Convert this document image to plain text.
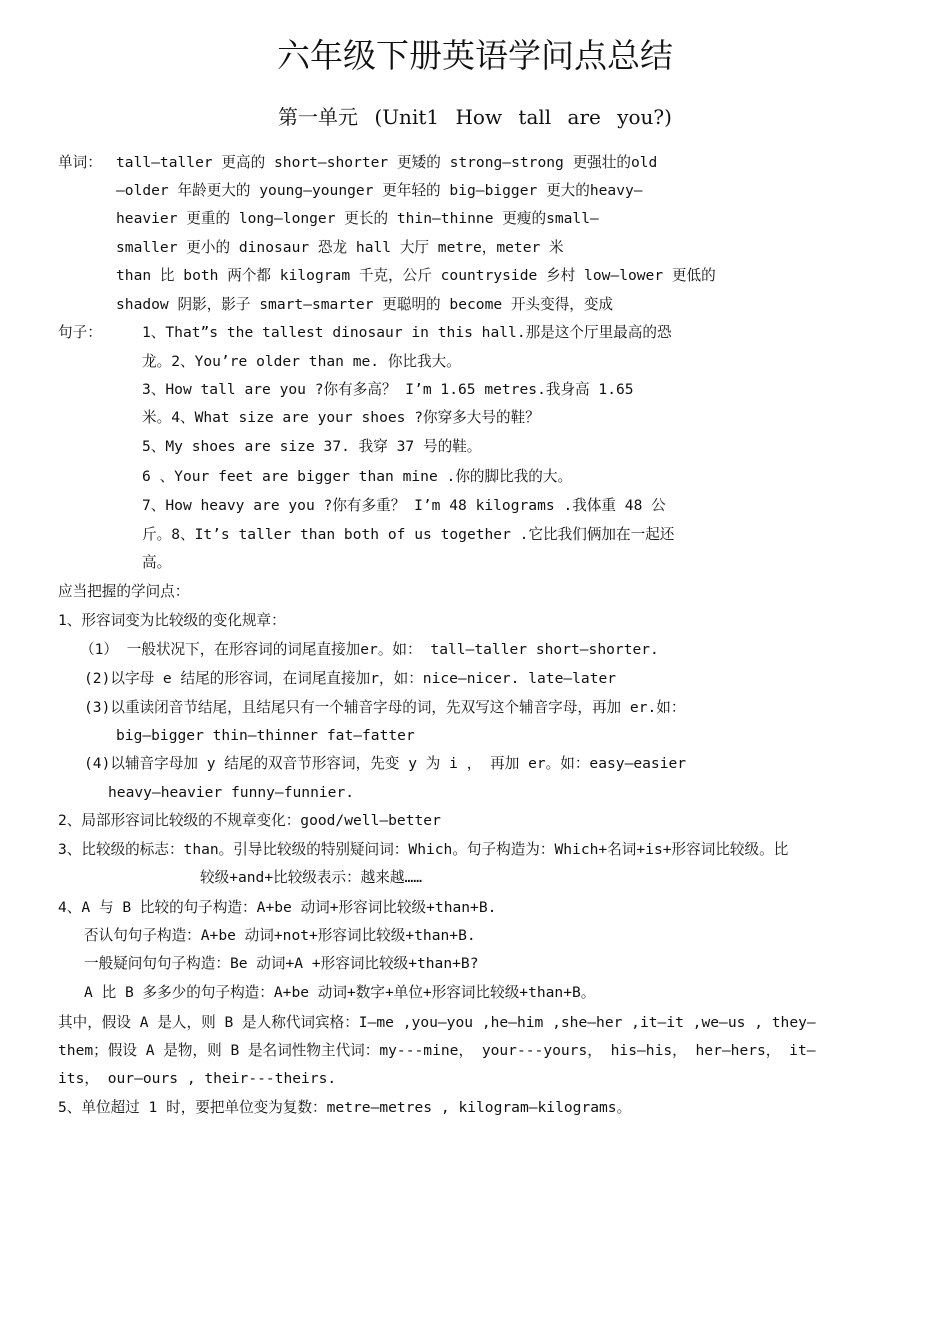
六年级下册英语学问点总结
第一单元 (Unit1 How tall are you?)
单词： tall—taller 更高的 short—shorter 更矮的 strong—strong 更强壮的old
—older 年龄更大的 young—younger 更年轻的 big—bigger 更大的heavy—
heavier 更重的 long—longer 更长的 thin—thinne 更瘦的small—
smaller 更小的 dinosaur 恐龙 hall 大厅 metre，meter 米
than 比 both 两个都 kilogram 千克，公斤 countryside 乡村 low—lower 更低的
shadow 阴影，影子 smart—smarter 更聪明的 become 开头变得，变成
句子：	1、That”s the tallest dinosaur in this hall.那是这个厅里最高的恐
龙。2、You’re older than me. 你比我大。
3、How tall are you ?你有多高？ I’m 1.65 metres.我身高 1.65
米。4、What size are your shoes ?你穿多大号的鞋？
5、My shoes are size 37. 我穿 37 号的鞋。
6 、Your feet are bigger than mine .你的脚比我的大。
7、How heavy are you ?你有多重？ I’m 48 kilograms .我体重 48 公
斤。8、It’s taller than both of us together .它比我们俩加在一起还
高。
应当把握的学问点：
1、形容词变为比较级的变化规章：
（1） 一般状况下，在形容词的词尾直接加er。如： tall—taller short—shorter.
(2)以字母 e 结尾的形容词，在词尾直接加r，如：nice—nicer. late—later
(3)以重读闭音节结尾，且结尾只有一个辅音字母的词，先双写这个辅音字母，再加 er.如：
big—bigger thin—thinner fat—fatter
(4)以辅音字母加 y 结尾的双音节形容词，先变 y 为 i ， 再加 er。如：easy—easier
heavy—heavier funny—funnier.
2、局部形容词比较级的不规章变化：good/well—better
3、比较级的标志：than。引导比较级的特别疑问词：Which。句子构造为：Which+名词+is+形容词比较级。比
较级+and+比较级表示：越来越……
4、A 与 B 比较的句子构造：A+be 动词+形容词比较级+than+B.
否认句句子构造：A+be 动词+not+形容词比较级+than+B.
一般疑问句句子构造：Be 动词+A +形容词比较级+than+B?
A 比 B 多多少的句子构造：A+be 动词+数字+单位+形容词比较级+than+B。
其中，假设 A 是人，则 B 是人称代词宾格：I—me ,you—you ,he—him ,she—her ,it—it ,we—us , they—
them；假设 A 是物，则 B 是名词性物主代词：my---mine， your---yours， his—his， her—hers， it—
its， our—ours , their---theirs.
5、单位超过 1 时，要把单位变为复数：metre—metres , kilogram—kilograms。
